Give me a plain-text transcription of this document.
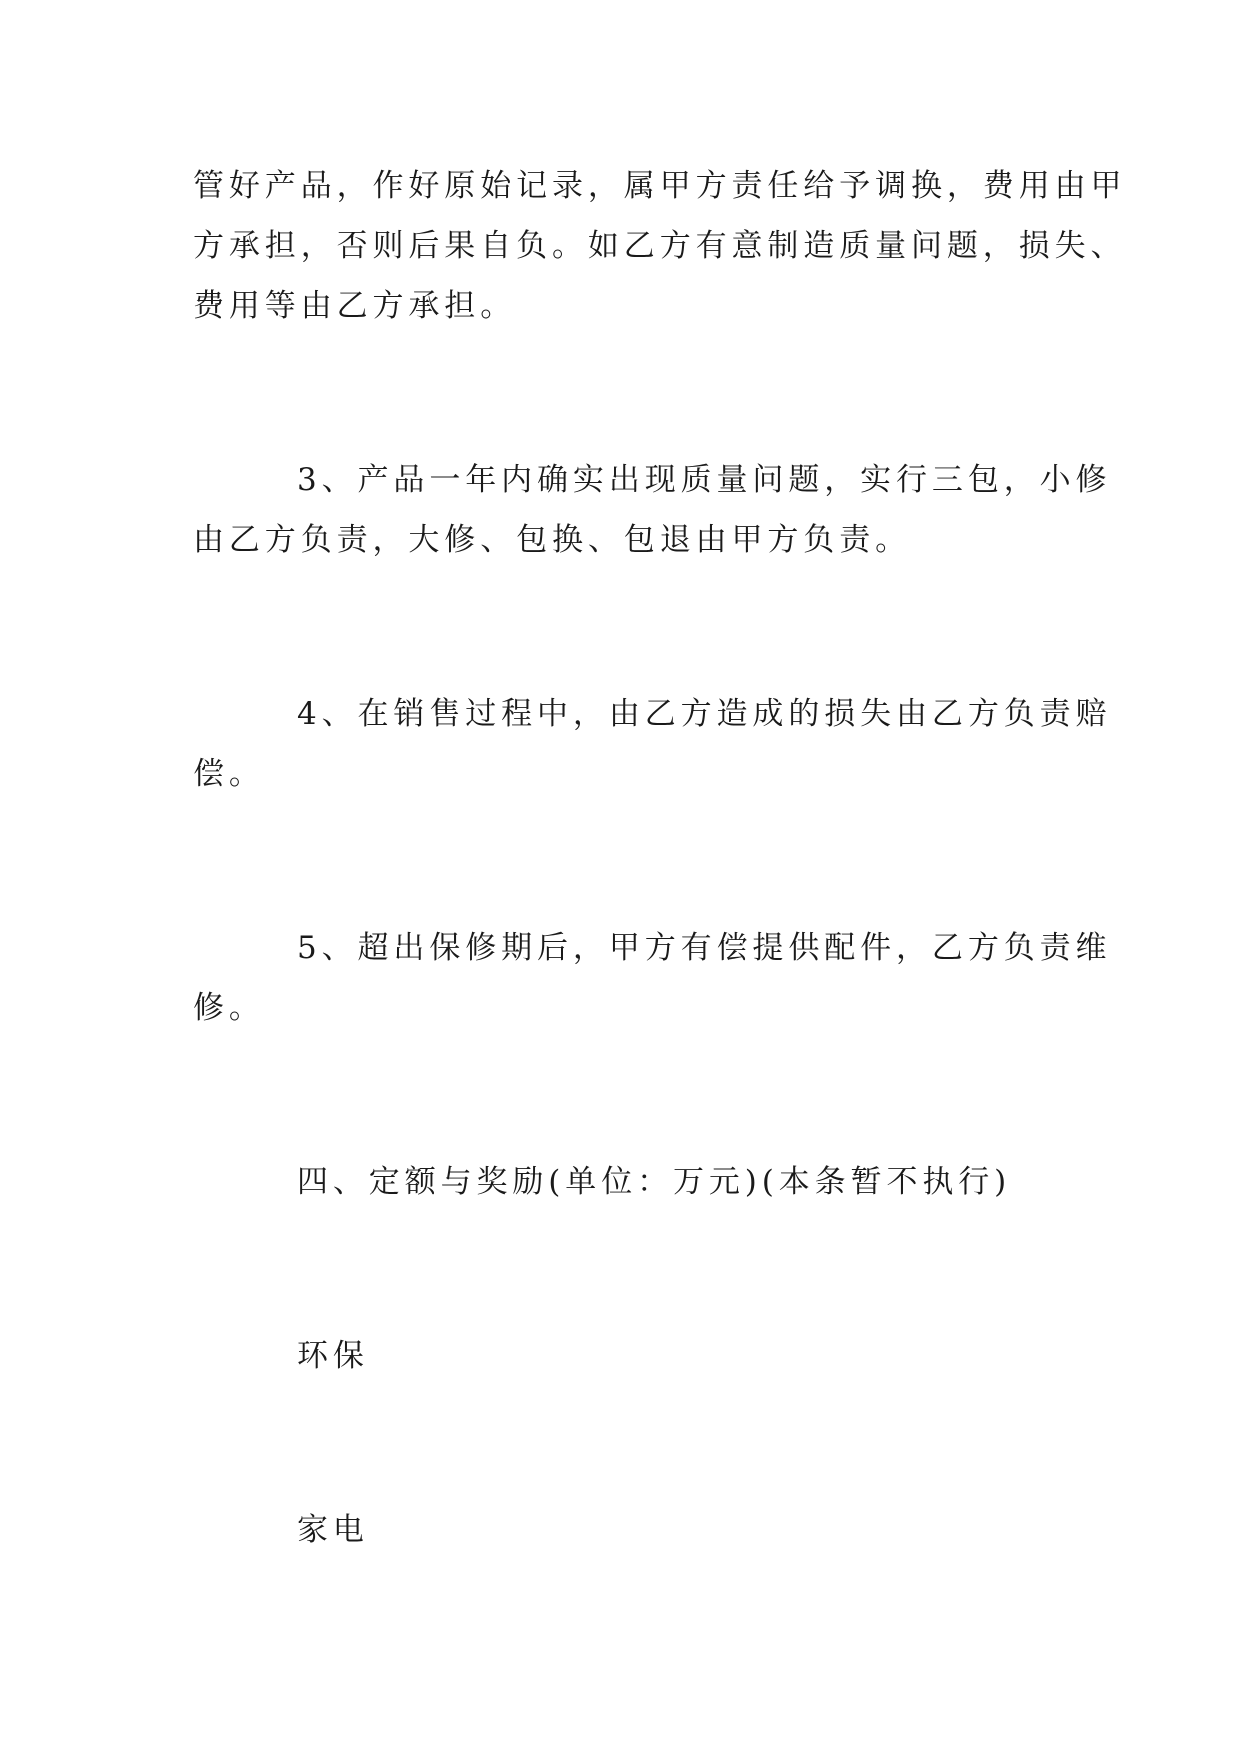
管好产品，作好原始记录，属甲方责任给予调换，费用由甲
方承担，否则后果自负。如乙方有意制造质量问题，损失、
费用等由乙方承担。
3、产品一年内确实出现质量问题，实行三包，小修
由乙方负责，大修、包换、包退由甲方负责。
4、在销售过程中，由乙方造成的损失由乙方负责赔
偿。
5、超出保修期后，甲方有偿提供配件，乙方负责维
修。
四、定额与奖励(单位：万元)(本条暂不执行)
环保
家电
